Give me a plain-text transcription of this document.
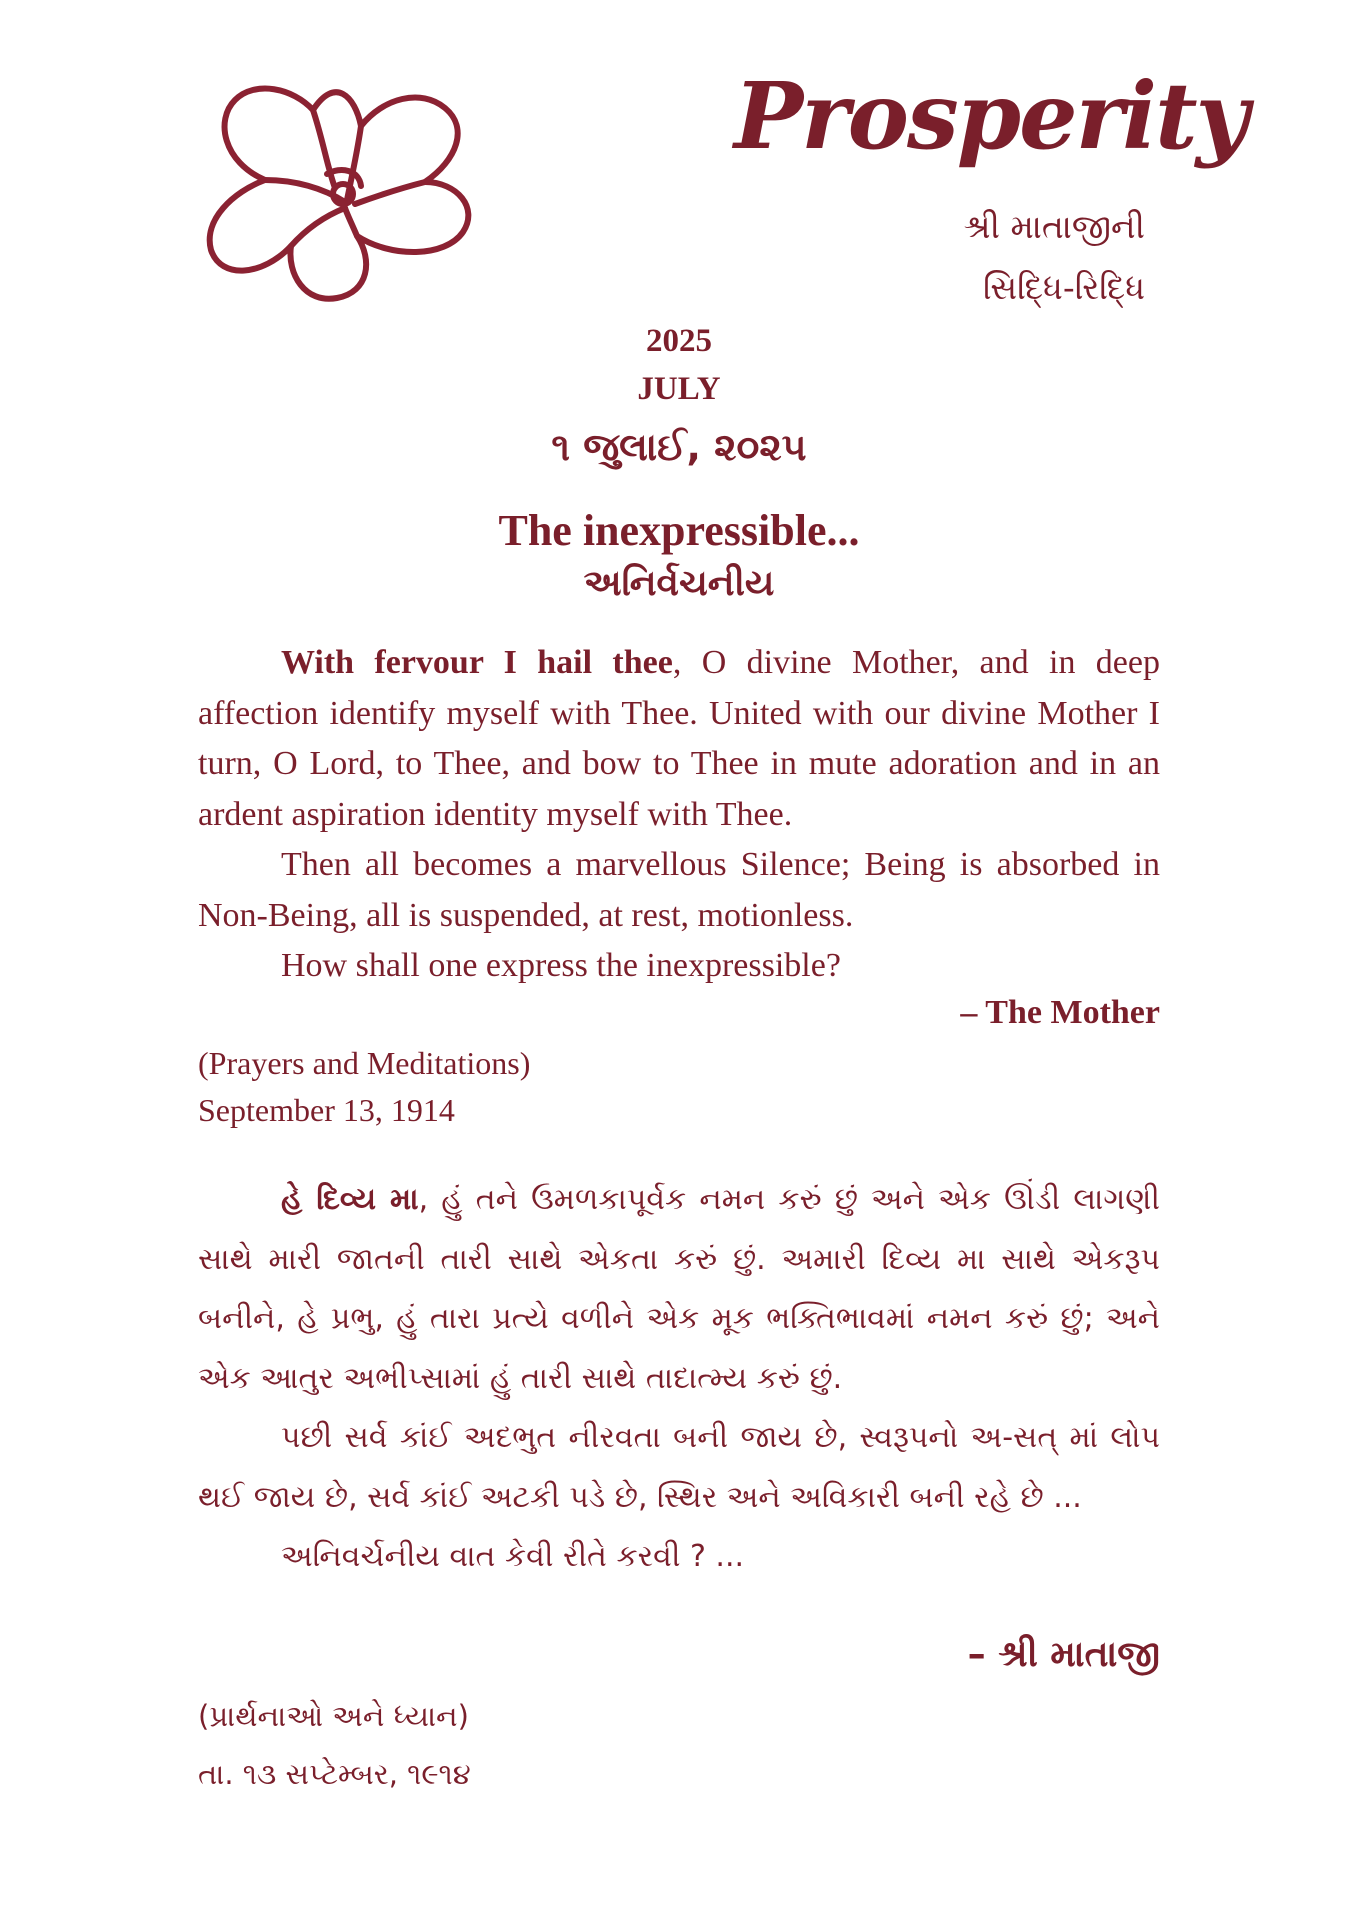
Prosperity
શ્રી માતાજીની
સિદ્ધિ-રિદ્ધિ
2025
JULY
૧ જુલાઈ, ૨૦૨૫
The inexpressible...
અનિર્વચનીય

With fervour I hail thee, O divine Mother, and in deep affection identify myself with Thee. United with our divine Mother I turn, O Lord, to Thee, and bow to Thee in mute adoration and in an ardent aspiration identity myself with Thee.

Then all becomes a marvellous Silence; Being is absorbed in Non-Being, all is suspended, at rest, motionless.

How shall one express the inexpressible?

– The Mother
(Prayers and Meditations)
September 13, 1914

હે દિવ્ય મા, હું તને ઉમળકાપૂર્વક નમન કરું છું અને એક ઊંડી લાગણી સાથે મારી જાતની તારી સાથે એકતા કરું છું. અમારી દિવ્ય મા સાથે એકરૂપ બનીને, હે પ્રભુ, હું તારા પ્રત્યે વળીને એક મૂક ભક્તિભાવમાં નમન કરું છું; અને એક આતુર અભીપ્સામાં હું તારી સાથે તાદાત્મ્ય કરું છું.

પછી સર્વ કાંઈ અદભુત નીરવતા બની જાય છે, સ્વરૂપનો અ-સત્ માં લોપ થઈ જાય છે, સર્વ કાંઈ અટકી પડે છે, સ્થિર અને અવિકારી બની રહે છે ...

અનિવર્ચનીય વાત કેવી રીતે કરવી ? ...

– શ્રી માતાજી
(પ્રાર્થનાઓ અને ધ્યાન)
તા. ૧૩ સપ્ટેમ્બર, ૧૯૧૪
